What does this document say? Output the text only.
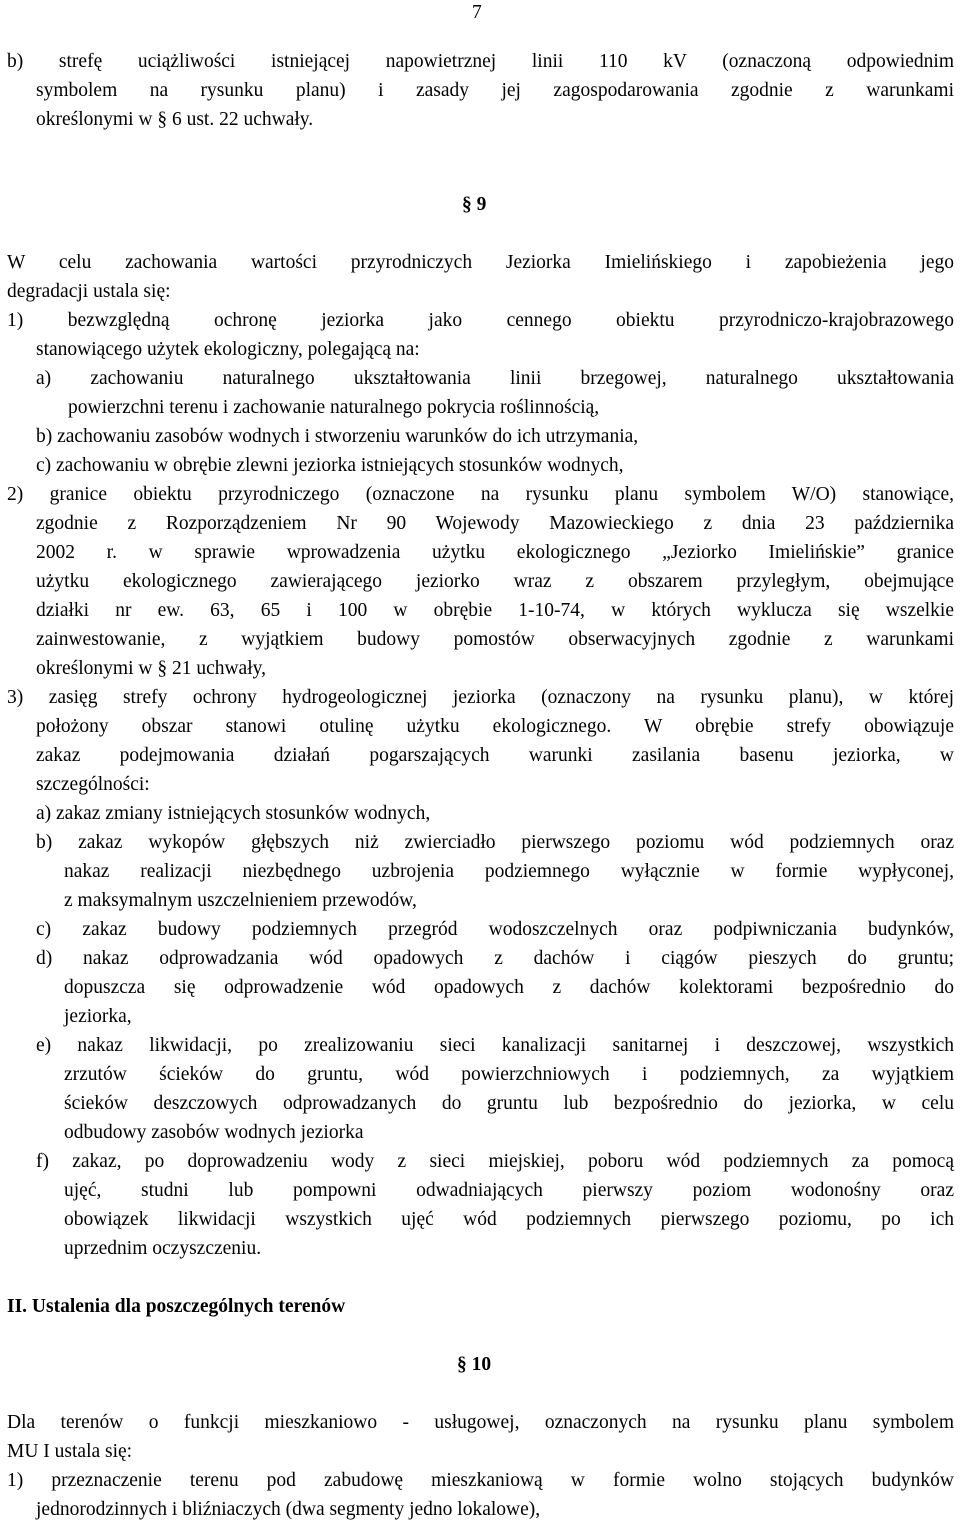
7
b) strefę uciążliwości istniejącej napowietrznej linii 110 kV (oznaczoną odpowiednim
symbolem na rysunku planu) i zasady jej zagospodarowania zgodnie z warunkami
określonymi w § 6 ust. 22 uchwały.
§ 9
W celu zachowania wartości przyrodniczych Jeziorka Imielińskiego i zapobieżenia jego
degradacji ustala się:
1) bezwzględną ochronę jeziorka jako cennego obiektu przyrodniczo-krajobrazowego
stanowiącego użytek ekologiczny, polegającą na:
a) zachowaniu naturalnego ukształtowania linii brzegowej, naturalnego ukształtowania
powierzchni terenu i zachowanie naturalnego pokrycia roślinnością,
b) zachowaniu zasobów wodnych i stworzeniu warunków do ich utrzymania,
c) zachowaniu w obrębie zlewni jeziorka istniejących stosunków wodnych,
2) granice obiektu przyrodniczego (oznaczone na rysunku planu symbolem W/O) stanowiące,
zgodnie z Rozporządzeniem Nr 90 Wojewody Mazowieckiego z dnia 23 października
2002 r. w sprawie wprowadzenia użytku ekologicznego „Jeziorko Imielińskie” granice
użytku ekologicznego zawierającego jeziorko wraz z obszarem przyległym, obejmujące
działki nr ew. 63, 65 i 100 w obrębie 1-10-74, w których wyklucza się wszelkie
zainwestowanie, z wyjątkiem budowy pomostów obserwacyjnych zgodnie z warunkami
określonymi w § 21 uchwały,
3) zasięg strefy ochrony hydrogeologicznej jeziorka (oznaczony na rysunku planu), w której
położony obszar stanowi otulinę użytku ekologicznego. W obrębie strefy obowiązuje
zakaz podejmowania działań pogarszających warunki zasilania basenu jeziorka, w
szczególności:
a) zakaz zmiany istniejących stosunków wodnych,
b) zakaz wykopów głębszych niż zwierciadło pierwszego poziomu wód podziemnych oraz
nakaz realizacji niezbędnego uzbrojenia podziemnego wyłącznie w formie wypłyconej,
z maksymalnym uszczelnieniem przewodów,
c) zakaz budowy podziemnych przegród wodoszczelnych oraz podpiwniczania budynków,
d) nakaz odprowadzania wód opadowych z dachów i ciągów pieszych do gruntu;
dopuszcza się odprowadzenie wód opadowych z dachów kolektorami bezpośrednio do
jeziorka,
e) nakaz likwidacji, po zrealizowaniu sieci kanalizacji sanitarnej i deszczowej, wszystkich
zrzutów ścieków do gruntu, wód powierzchniowych i podziemnych, za wyjątkiem
ścieków deszczowych odprowadzanych do gruntu lub bezpośrednio do jeziorka, w celu
odbudowy zasobów wodnych jeziorka
f) zakaz, po doprowadzeniu wody z sieci miejskiej, poboru wód podziemnych za pomocą
ujęć, studni lub pompowni odwadniających pierwszy poziom wodonośny oraz
obowiązek likwidacji wszystkich ujęć wód podziemnych pierwszego poziomu, po ich
uprzednim oczyszczeniu.
II. Ustalenia dla poszczególnych terenów
§ 10
Dla terenów o funkcji mieszkaniowo - usługowej, oznaczonych na rysunku planu symbolem
MU I ustala się:
1) przeznaczenie terenu pod zabudowę mieszkaniową w formie wolno stojących budynków
jednorodzinnych i bliźniaczych (dwa segmenty jedno lokalowe),
